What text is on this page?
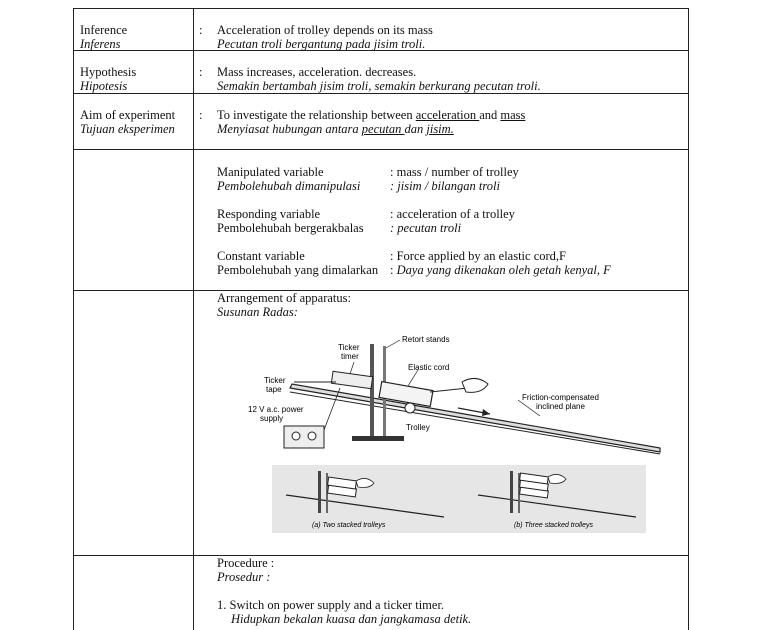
Inference
Inferens
: Acceleration of trolley depends on its mass
Pecutan troli bergantung pada jisim troli.
Hypothesis
Hipotesis
: Mass increases, acceleration. decreases.
Semakin bertambah jisim troli, semakin berkurang pecutan troli.
Aim of experiment
Tujuan eksperimen
: To investigate the relationship between acceleration and mass
Menyiasat hubungan antara pecutan dan jisim.
Manipulated variable
Pembolehubah dimanipulasi
: mass / number of trolley
: jisim / bilangan troli
Responding variable
Pembolehubah bergerakbalas
: acceleration of a trolley
: pecutan troli
Constant variable
Pembolehubah yang dimalarkan
: Force applied by an elastic cord,F
: Daya yang dikenakan oleh getah kenyal, F
Arrangement of apparatus:
Susunan Radas:
Ticker
timer
Retort stands
Elastic cord
Ticker
tape
12 V a.c. power
supply
Friction-compensated
inclined plane
Trolley
(a) Two stacked trolleys	(b) Three stacked trolleys
Procedure :
Prosedur :
1. Switch on power supply and a ticker timer.
Hidupkan bekalan kuasa dan jangkamasa detik.
